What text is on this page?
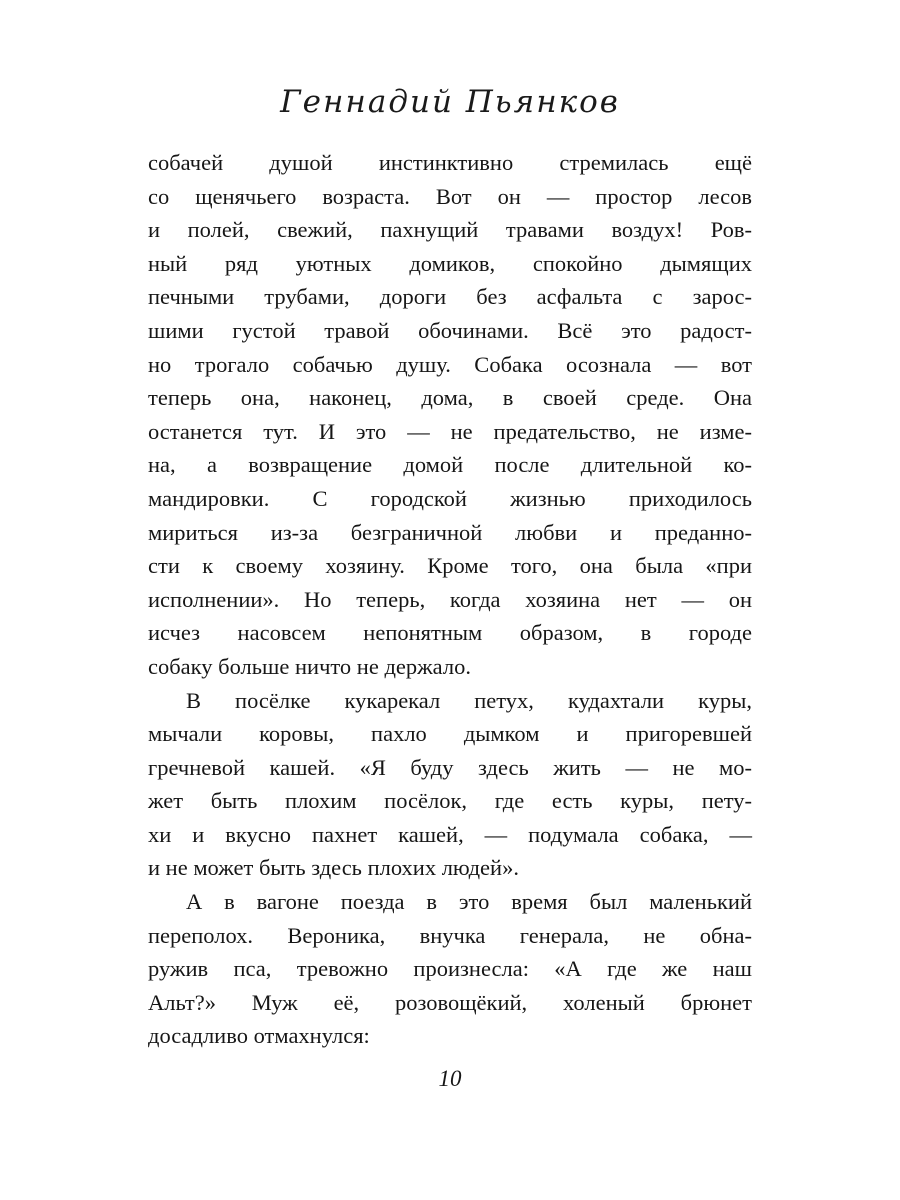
Геннадий Пьянков
собачей душой инстинктивно стремилась ещё
со щенячьего возраста. Вот он — простор лесов
и полей, свежий, пахнущий травами воздух! Ров-
ный ряд уютных домиков, спокойно дымящих
печными трубами, дороги без асфальта с зарос-
шими густой травой обочинами. Всё это радост-
но трогало собачью душу. Собака осознала — вот
теперь она, наконец, дома, в своей среде. Она
останется тут. И это — не предательство, не изме-
на, а возвращение домой после длительной ко-
мандировки. С городской жизнью приходилось
мириться из-за безграничной любви и преданно-
сти к своему хозяину. Кроме того, она была «при
исполнении». Но теперь, когда хозяина нет — он
исчез насовсем непонятным образом, в городе
собаку больше ничто не держало.
В посёлке кукарекал петух, кудахтали куры,
мычали коровы, пахло дымком и пригоревшей
гречневой кашей. «Я буду здесь жить — не мо-
жет быть плохим посёлок, где есть куры, пету-
хи и вкусно пахнет кашей, — подумала собака, —
и не может быть здесь плохих людей».
А в вагоне поезда в это время был маленький
переполох. Вероника, внучка генерала, не обна-
ружив пса, тревожно произнесла: «А где же наш
Альт?» Муж её, розовощёкий, холеный брюнет
досадливо отмахнулся:
10
